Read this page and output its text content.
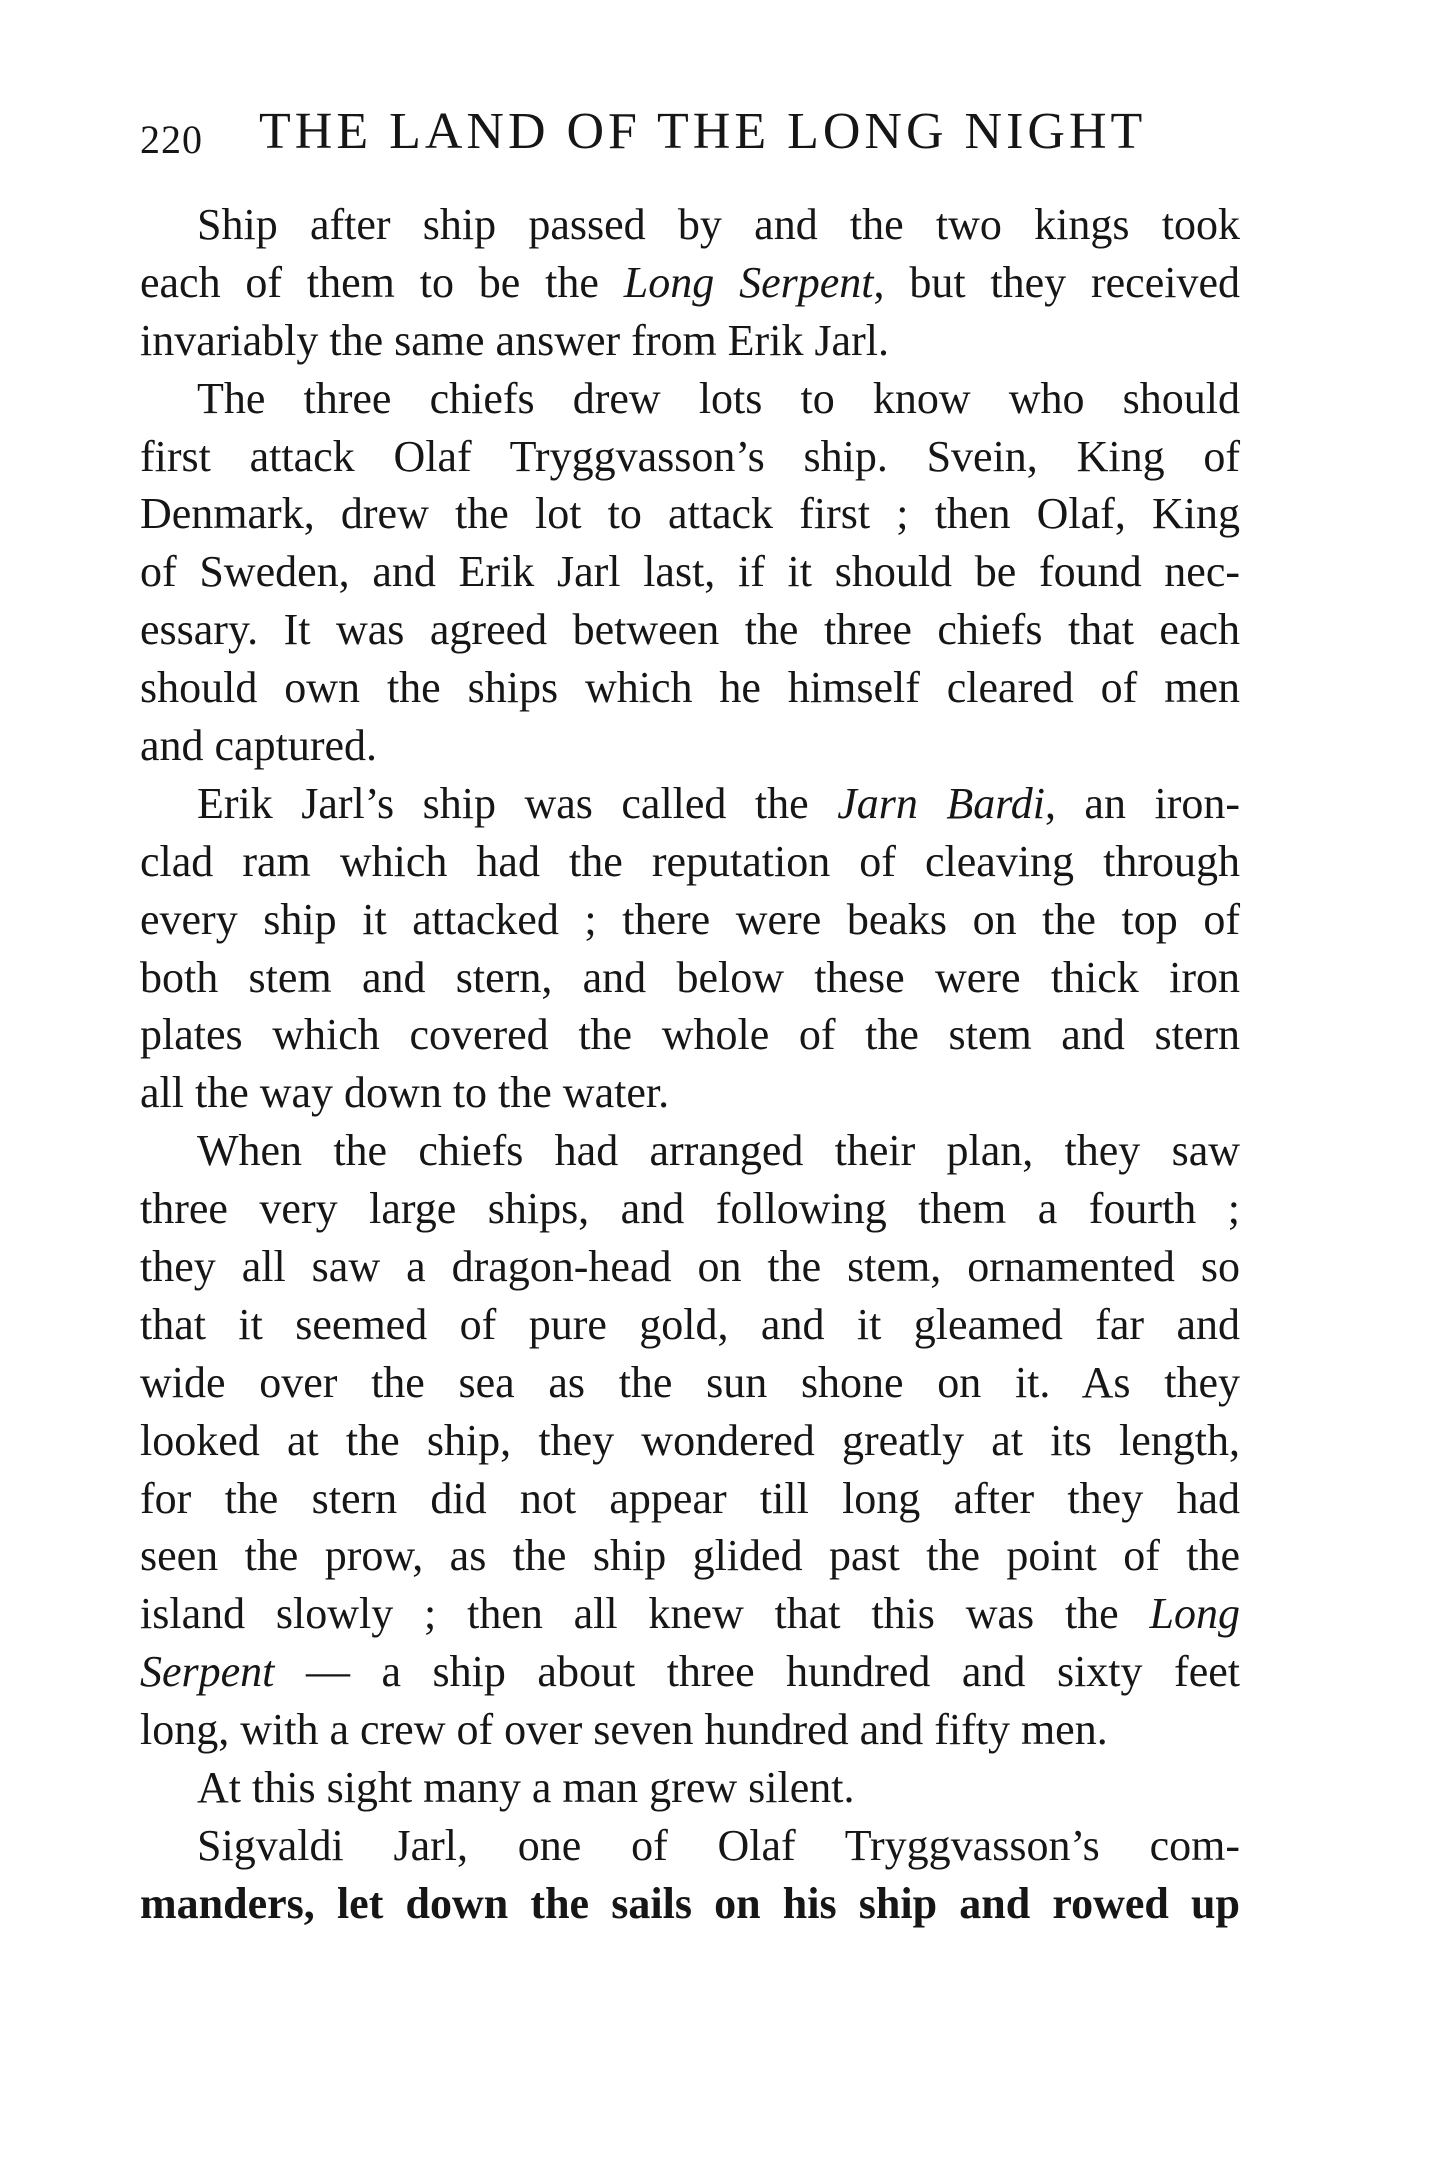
220 THE LAND OF THE LONG NIGHT
Ship after ship passed by and the two kings took
each of them to be the Long Serpent, but they received
invariably the same answer from Erik Jarl.
The three chiefs drew lots to know who should
first attack Olaf Tryggvasson’s ship. Svein, King of
Denmark, drew the lot to attack first ; then Olaf, King
of Sweden, and Erik Jarl last, if it should be found nec-
essary. It was agreed between the three chiefs that each
should own the ships which he himself cleared of men
and captured.
Erik Jarl’s ship was called the Jarn Bardi, an iron-
clad ram which had the reputation of cleaving through
every ship it attacked ; there were beaks on the top of
both stem and stern, and below these were thick iron
plates which covered the whole of the stem and stern
all the way down to the water.
When the chiefs had arranged their plan, they saw
three very large ships, and following them a fourth ;
they all saw a dragon-head on the stem, ornamented so
that it seemed of pure gold, and it gleamed far and
wide over the sea as the sun shone on it. As they
looked at the ship, they wondered greatly at its length,
for the stern did not appear till long after they had
seen the prow, as the ship glided past the point of the
island slowly ; then all knew that this was the Long
Serpent — a ship about three hundred and sixty feet
long, with a crew of over seven hundred and fifty men.
At this sight many a man grew silent.
Sigvaldi Jarl, one of Olaf Tryggvasson’s com-
manders, let down the sails on his ship and rowed up
